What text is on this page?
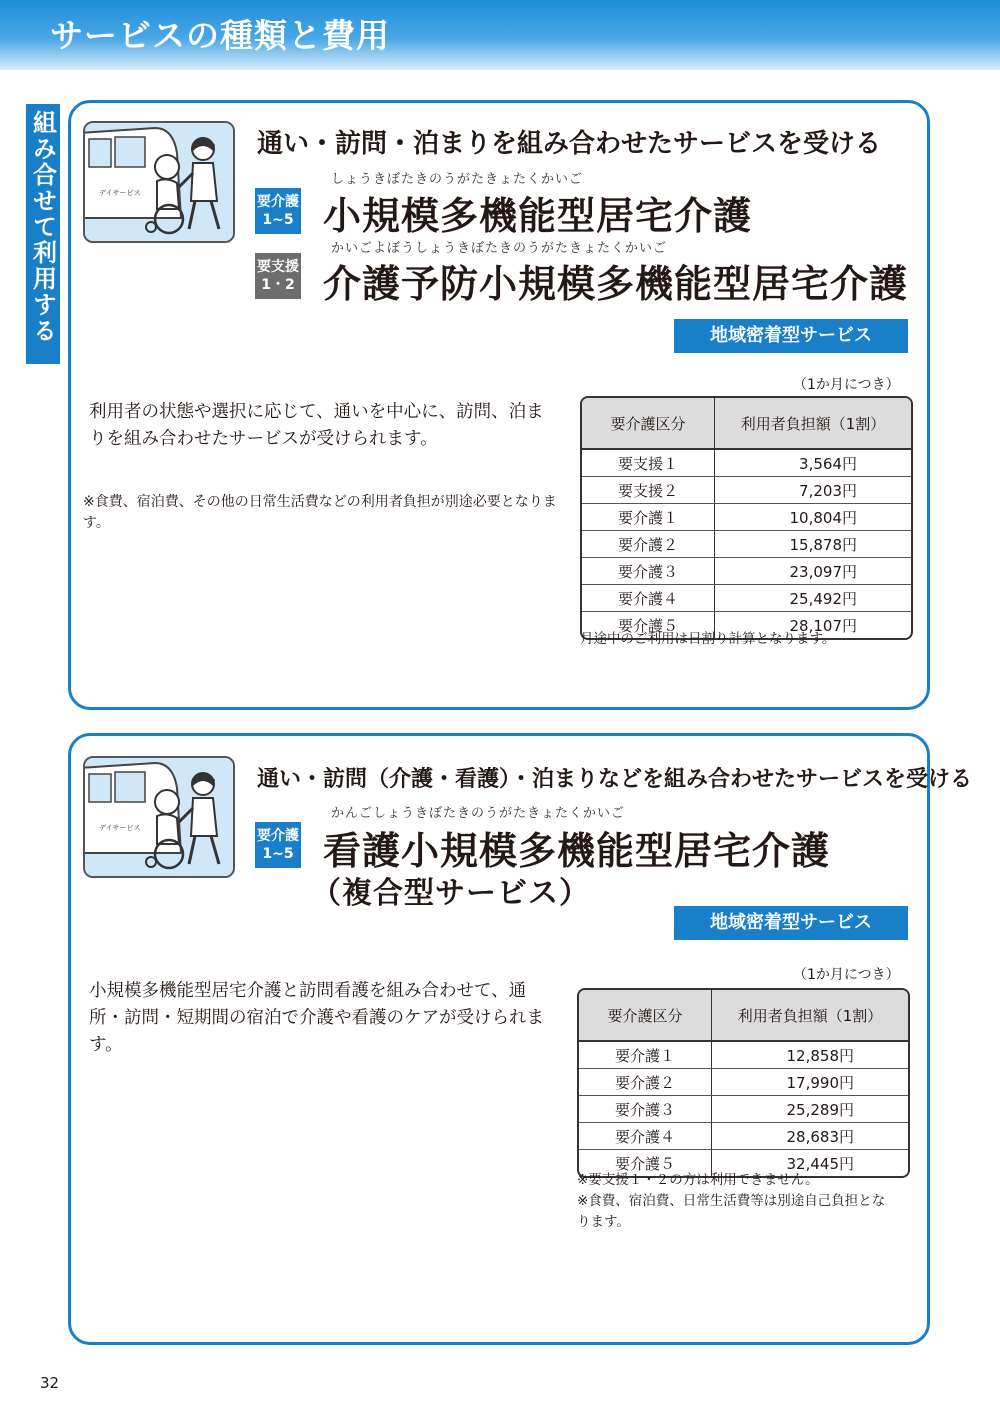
サービスの種類と費用
組み合せて利用する	デイサービス
通い・訪問・泊まりを組み合わせたサービスを受ける
しょうきぼたきのうがたきょたくかいご
要介護
1~5 小規模多機能型居宅介護
かいごよぼうしょうきぼたきのうがたきょたくかいご
要支援
1・2 介護予防小規模多機能型居宅介護
地域密着型サービス
利用者の状態や選択に応じて、通いを中心に、訪問、泊まりを組み合わせたサービスが受けられます。
※食費、宿泊費、その他の日常生活費などの利用者負担が別途必要となります。
（1か月につき）
要介護区分	利用者負担額（1割）
要支援１	3,564円
要支援２	7,203円
要介護１	10,804円
要介護２	15,878円
要介護３	23,097円
要介護４	25,492円
要介護５	28,107円
月途中のご利用は日割り計算となります。
デイサービス
通い・訪問（介護・看護）・泊まりなどを組み合わせたサービスを受ける
かんごしょうきぼたきのうがたきょたくかいご
要介護
1~5 看護小規模多機能型居宅介護
（複合型サービス）
地域密着型サービス
小規模多機能型居宅介護と訪問看護を組み合わせて、通所・訪問・短期間の宿泊で介護や看護のケアが受けられます。
（1か月につき）
要介護区分	利用者負担額（1割）
要介護１	12,858円
要介護２	17,990円
要介護３	25,289円
要介護４	28,683円
要介護５	32,445円
※要支援１・２の方は利用できません。
※食費、宿泊費、日常生活費等は別途自己負担となります。
32
